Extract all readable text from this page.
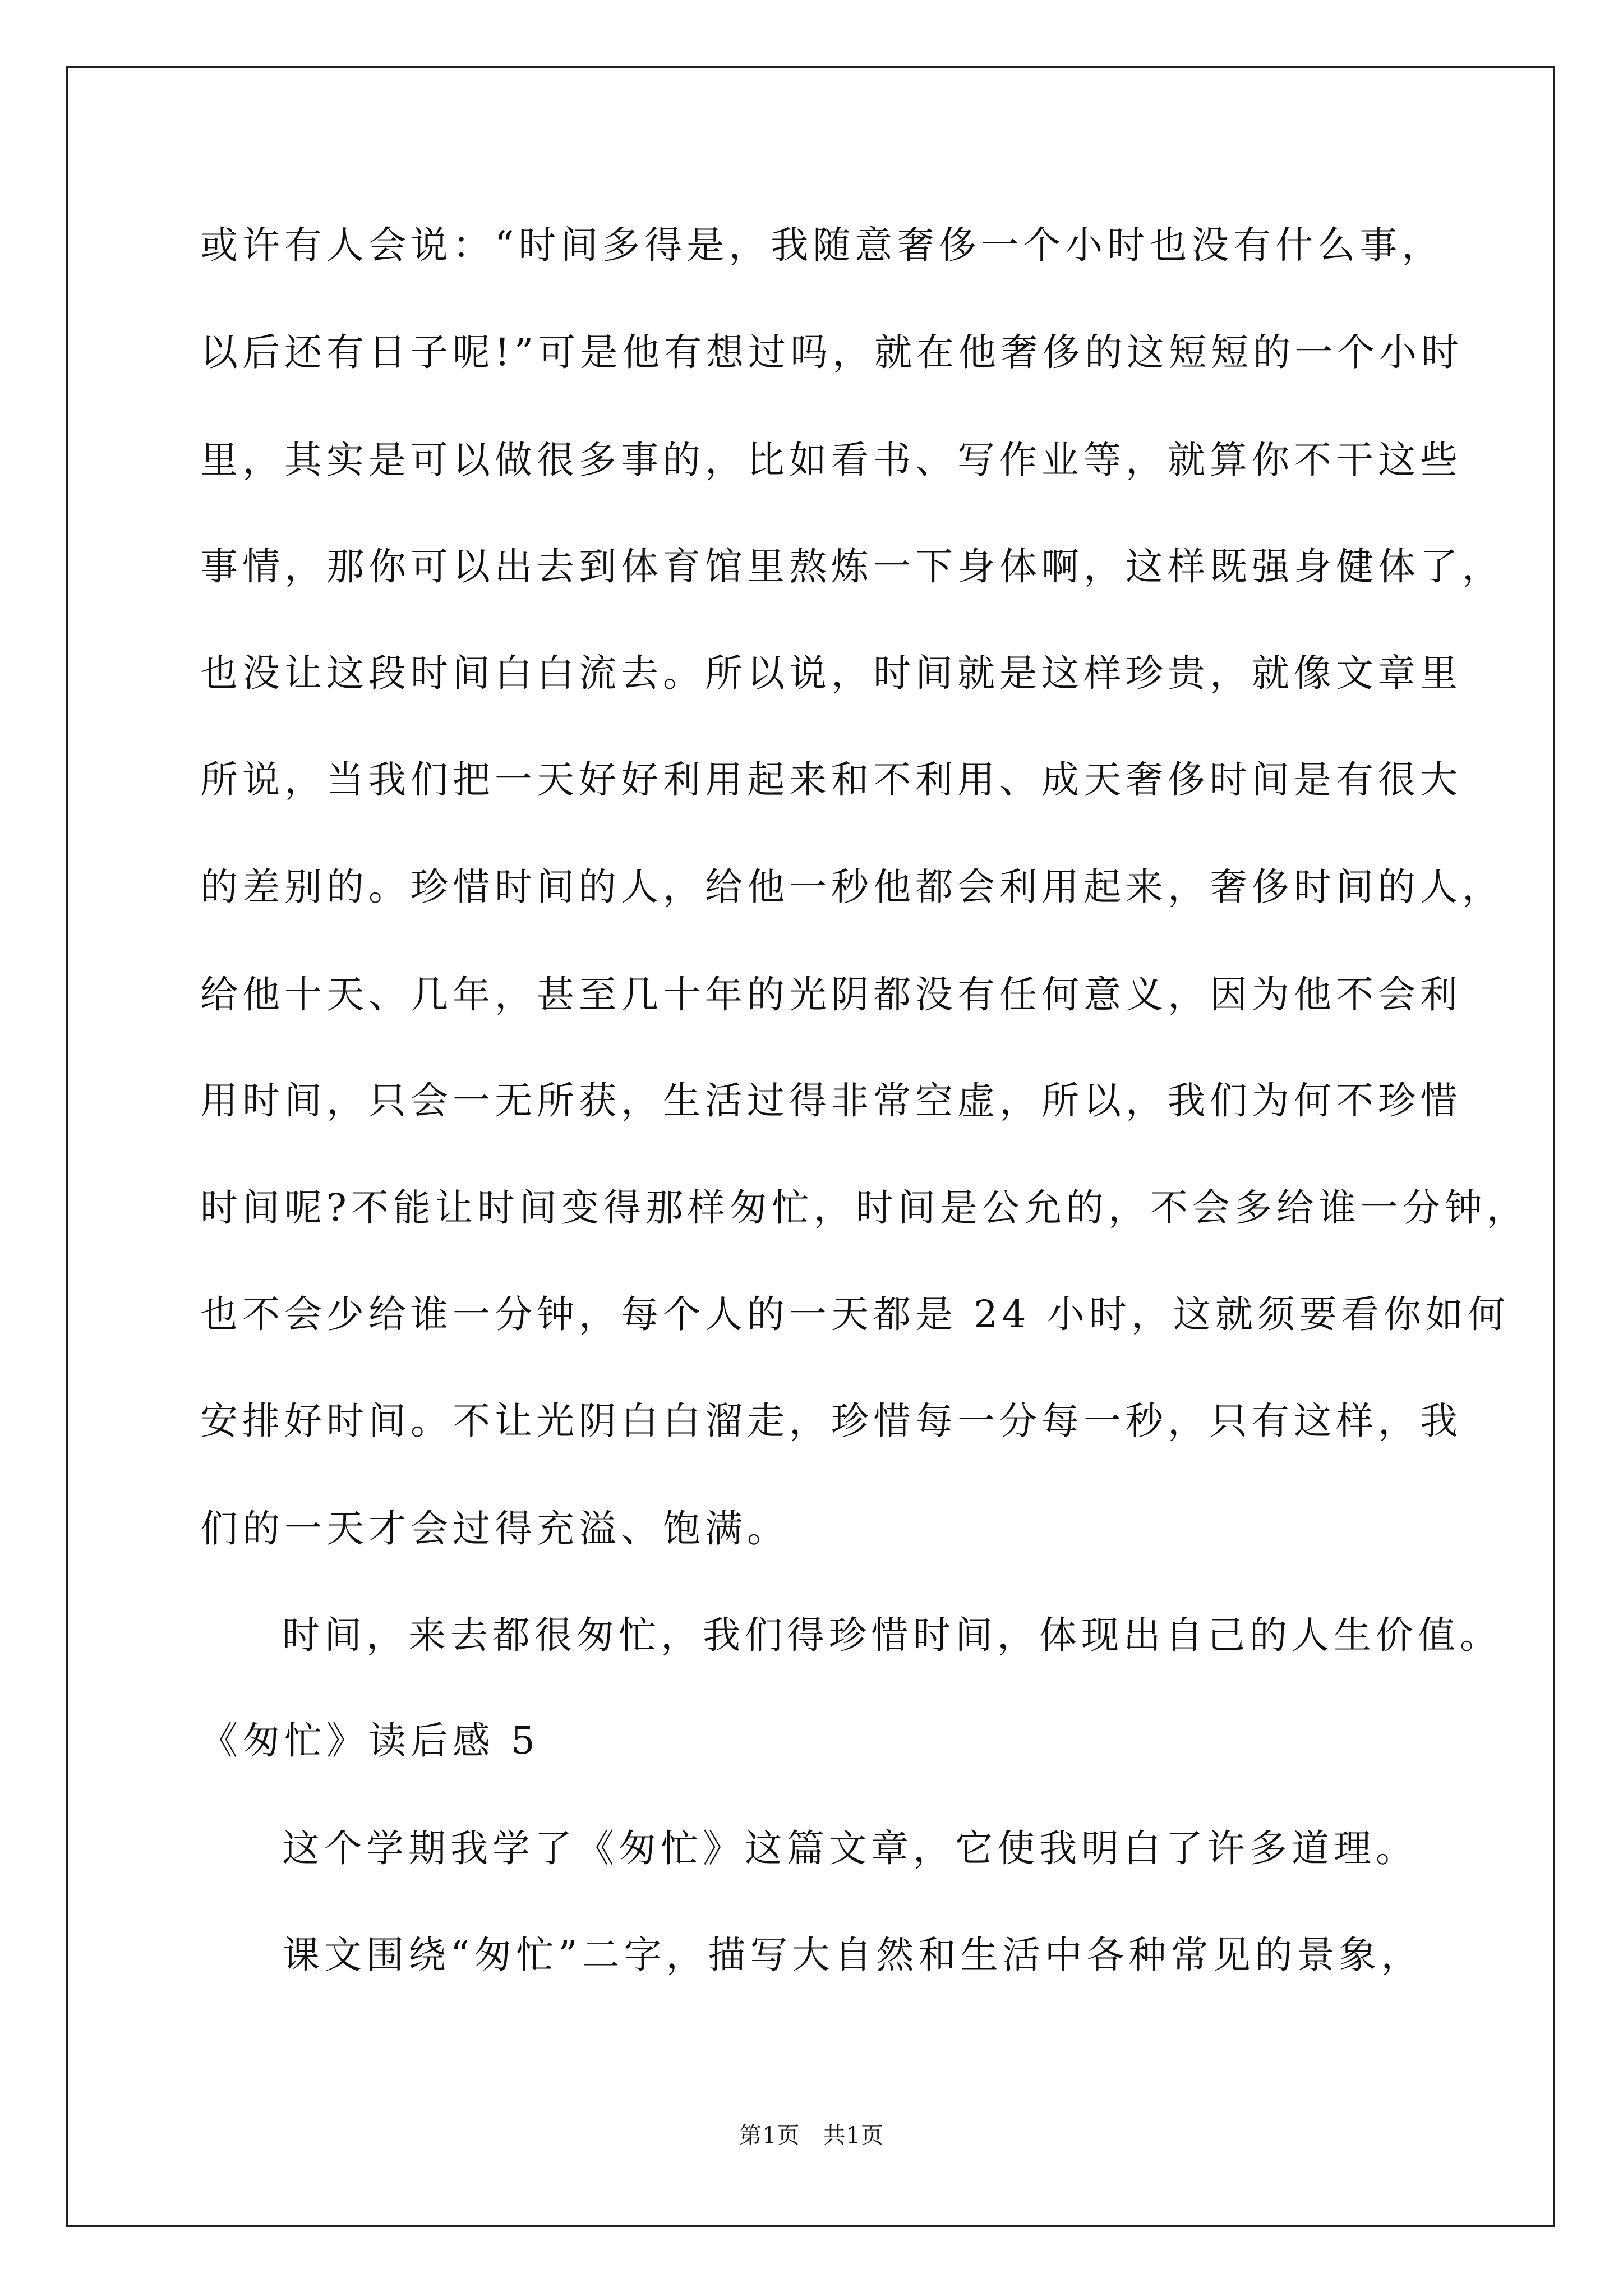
或许有人会说：“时间多得是，我随意奢侈一个小时也没有什么事，
以后还有日子呢!”可是他有想过吗，就在他奢侈的这短短的一个小时
里，其实是可以做很多事的，比如看书、写作业等，就算你不干这些
事情，那你可以出去到体育馆里熬炼一下身体啊，这样既强身健体了，
也没让这段时间白白流去。所以说，时间就是这样珍贵，就像文章里
所说，当我们把一天好好利用起来和不利用、成天奢侈时间是有很大
的差别的。珍惜时间的人，给他一秒他都会利用起来，奢侈时间的人，
给他十天、几年，甚至几十年的光阴都没有任何意义，因为他不会利
用时间，只会一无所获，生活过得非常空虚，所以，我们为何不珍惜
时间呢?不能让时间变得那样匆忙，时间是公允的，不会多给谁一分钟，
也不会少给谁一分钟，每个人的一天都是 24 小时，这就须要看你如何
安排好时间。不让光阴白白溜走，珍惜每一分每一秒，只有这样，我
们的一天才会过得充溢、饱满。
时间，来去都很匆忙，我们得珍惜时间，体现出自己的人生价值。
《匆忙》读后感 5
这个学期我学了《匆忙》这篇文章，它使我明白了许多道理。
课文围绕“匆忙”二字，描写大自然和生活中各种常见的景象，
第1页　共1页
